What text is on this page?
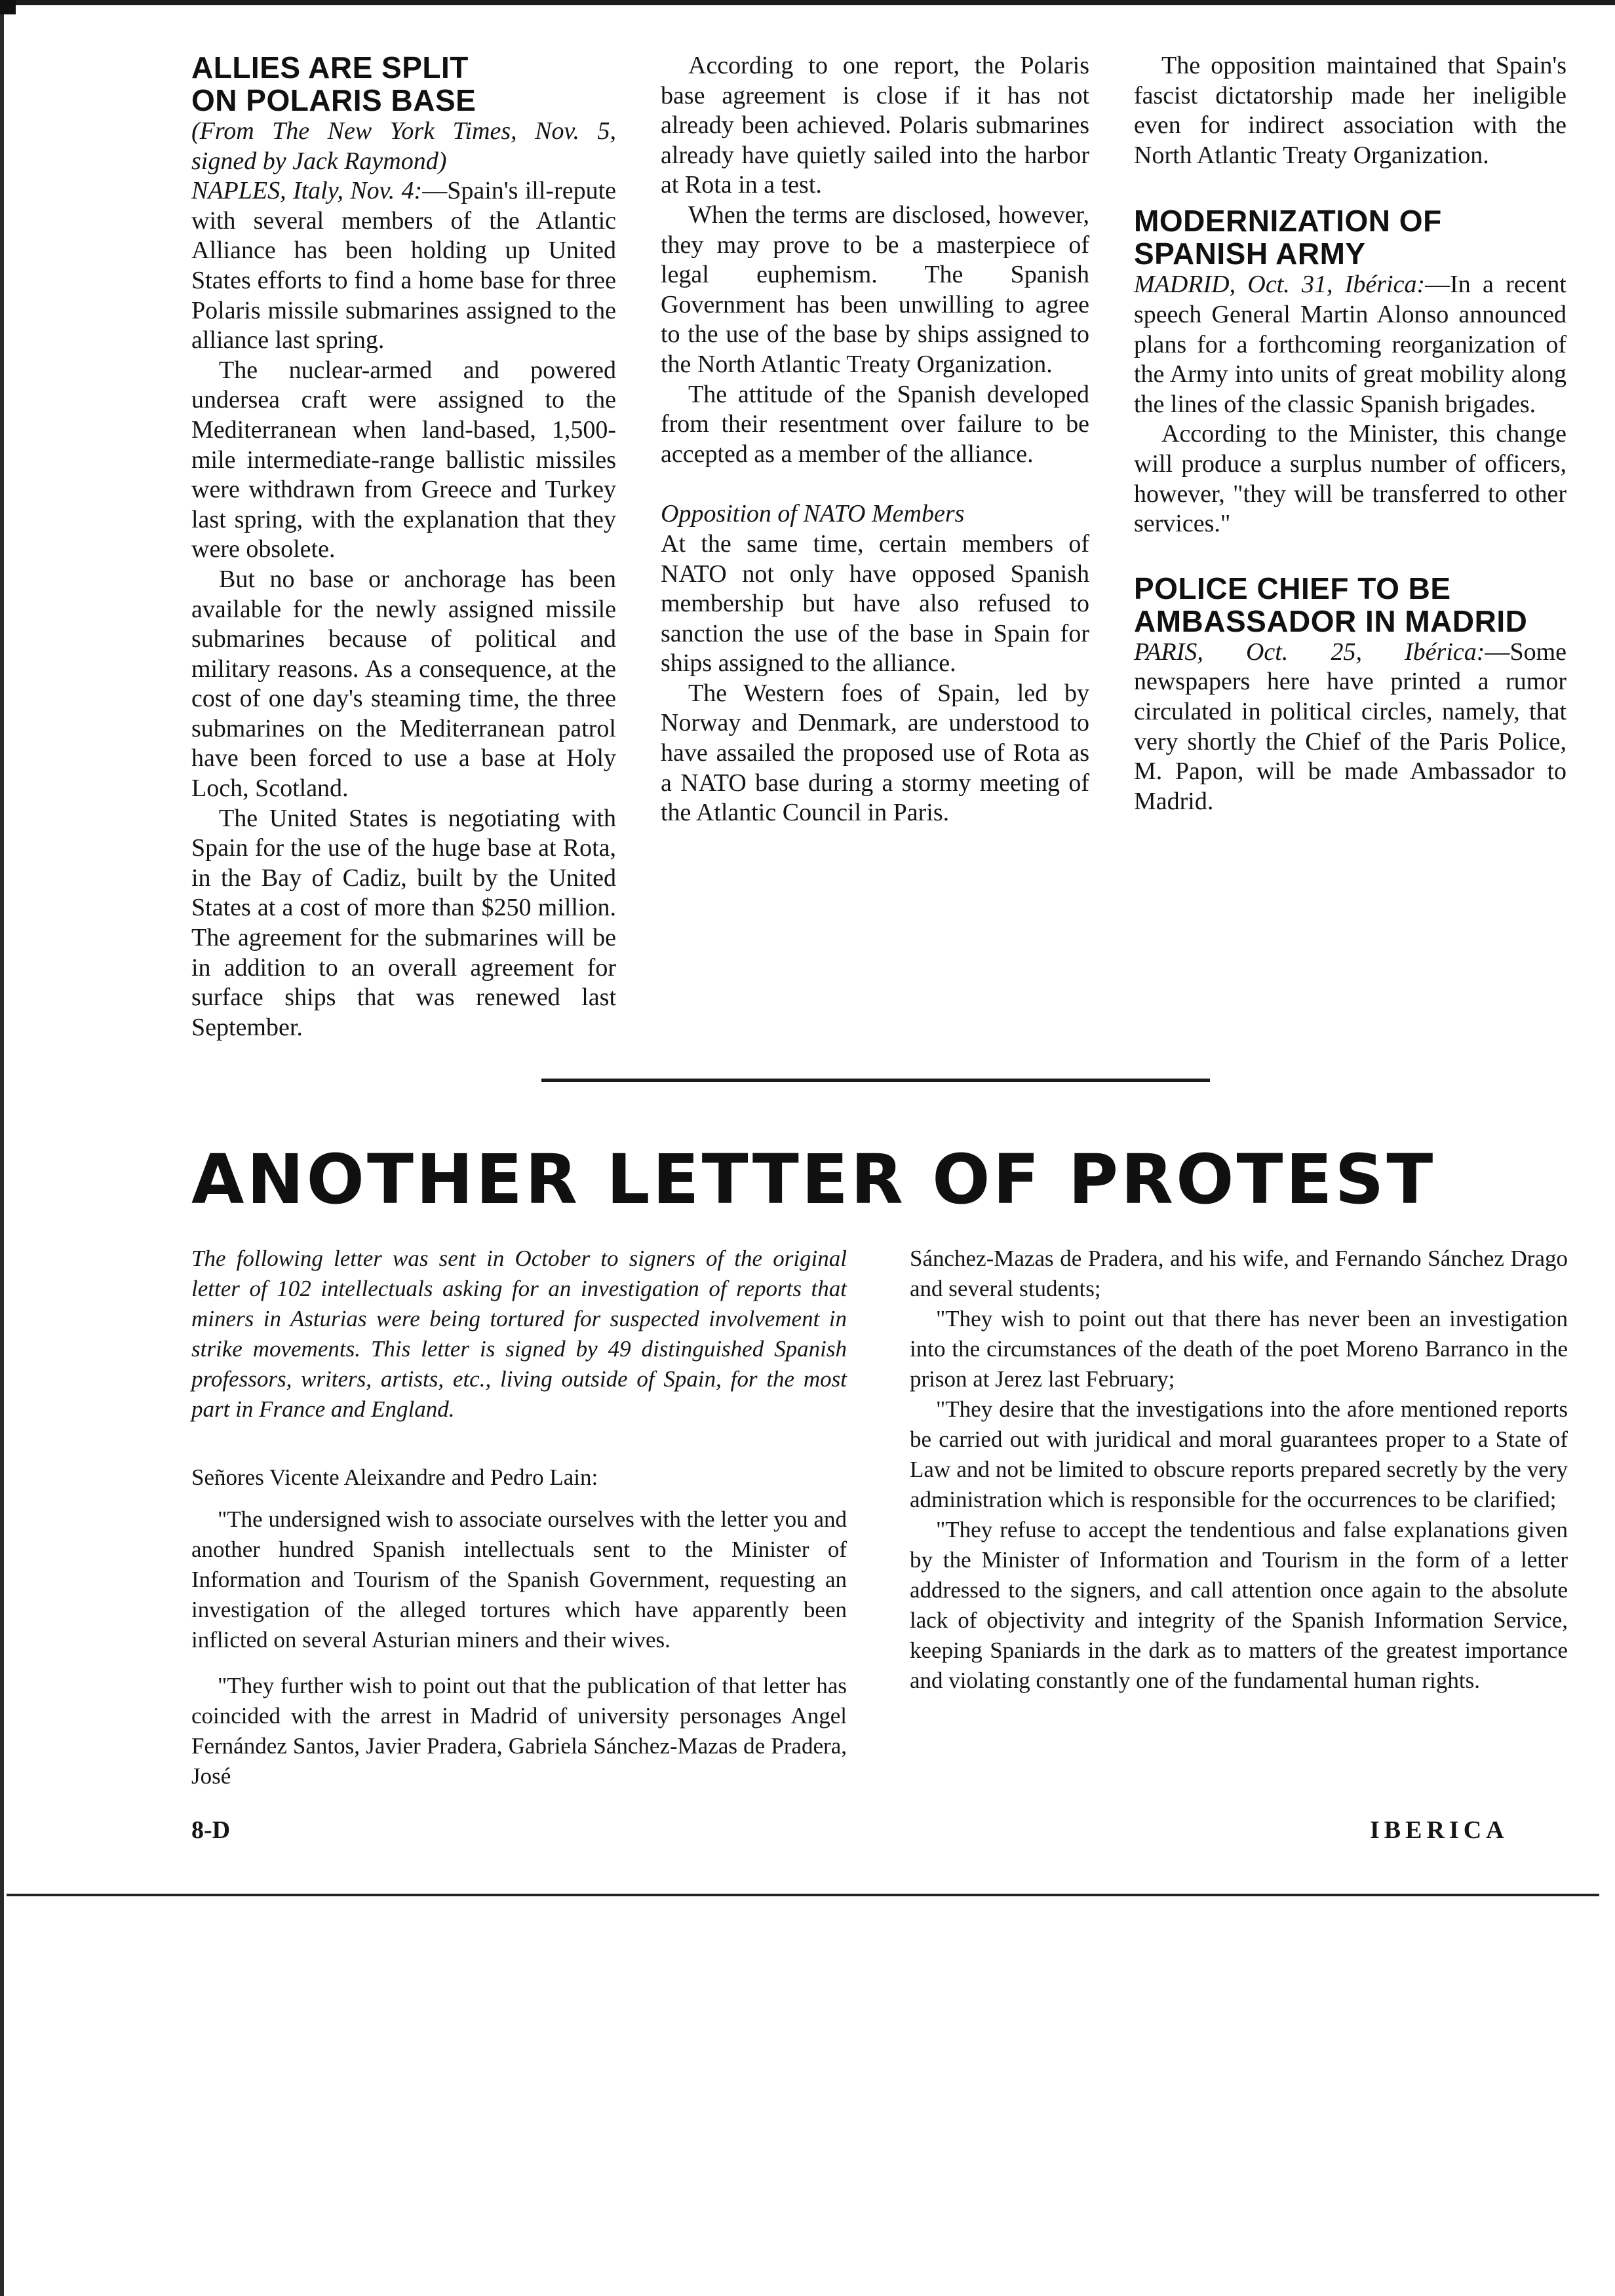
ALLIES ARE SPLIT
ON POLARIS BASE

(From The New York Times, Nov. 5, signed by Jack Raymond)

NAPLES, Italy, Nov. 4:—Spain's ill-repute with several members of the Atlantic Alliance has been holding up United States efforts to find a home base for three Polaris missile submarines assigned to the alliance last spring.

The nuclear-armed and powered undersea craft were assigned to the Mediterranean when land-based, 1,500-mile intermediate-range ballistic missiles were withdrawn from Greece and Turkey last spring, with the explanation that they were obsolete.

But no base or anchorage has been available for the newly assigned missile submarines because of political and military reasons. As a consequence, at the cost of one day's steaming time, the three submarines on the Mediterranean patrol have been forced to use a base at Holy Loch, Scotland.

The United States is negotiating with Spain for the use of the huge base at Rota, in the Bay of Cadiz, built by the United States at a cost of more than $250 million. The agreement for the submarines will be in addition to an overall agreement for surface ships that was renewed last September.

According to one report, the Polaris base agreement is close if it has not already been achieved. Polaris submarines already have quietly sailed into the harbor at Rota in a test.

When the terms are disclosed, however, they may prove to be a masterpiece of legal euphemism. The Spanish Government has been unwilling to agree to the use of the base by ships assigned to the North Atlantic Treaty Organization.

The attitude of the Spanish developed from their resentment over failure to be accepted as a member of the alliance.

Opposition of NATO Members

At the same time, certain members of NATO not only have opposed Spanish membership but have also refused to sanction the use of the base in Spain for ships assigned to the alliance.

The Western foes of Spain, led by Norway and Denmark, are understood to have assailed the proposed use of Rota as a NATO base during a stormy meeting of the Atlantic Council in Paris.

The opposition maintained that Spain's fascist dictatorship made her ineligible even for indirect association with the North Atlantic Treaty Organization.

MODERNIZATION OF
SPANISH ARMY

MADRID, Oct. 31, Ibérica:—In a recent speech General Martin Alonso announced plans for a forthcoming reorganization of the Army into units of great mobility along the lines of the classic Spanish brigades.

According to the Minister, this change will produce a surplus number of officers, however, "they will be transferred to other services."

POLICE CHIEF TO BE
AMBASSADOR IN MADRID

PARIS, Oct. 25, Ibérica:—Some newspapers here have printed a rumor circulated in political circles, namely, that very shortly the Chief of the Paris Police, M. Papon, will be made Ambassador to Madrid.

ANOTHER LETTER OF PROTEST

The following letter was sent in October to signers of the original letter of 102 intellectuals asking for an investigation of reports that miners in Asturias were being tortured for suspected involvement in strike movements. This letter is signed by 49 distinguished Spanish professors, writers, artists, etc., living outside of Spain, for the most part in France and England.

Señores Vicente Aleixandre and Pedro Lain:

"The undersigned wish to associate ourselves with the letter you and another hundred Spanish intellectuals sent to the Minister of Information and Tourism of the Spanish Government, requesting an investigation of the alleged tortures which have apparently been inflicted on several Asturian miners and their wives.

"They further wish to point out that the publication of that letter has coincided with the arrest in Madrid of university personages Angel Fernández Santos, Javier Pradera, Gabriela Sánchez-Mazas de Pradera, José

Sánchez-Mazas de Pradera, and his wife, and Fernando Sánchez Drago and several students;

"They wish to point out that there has never been an investigation into the circumstances of the death of the poet Moreno Barranco in the prison at Jerez last February;

"They desire that the investigations into the afore mentioned reports be carried out with juridical and moral guarantees proper to a State of Law and not be limited to obscure reports prepared secretly by the very administration which is responsible for the occurrences to be clarified;

"They refuse to accept the tendentious and false explanations given by the Minister of Information and Tourism in the form of a letter addressed to the signers, and call attention once again to the absolute lack of objectivity and integrity of the Spanish Information Service, keeping Spaniards in the dark as to matters of the greatest importance and violating constantly one of the fundamental human rights.

8-D	IBERICA
